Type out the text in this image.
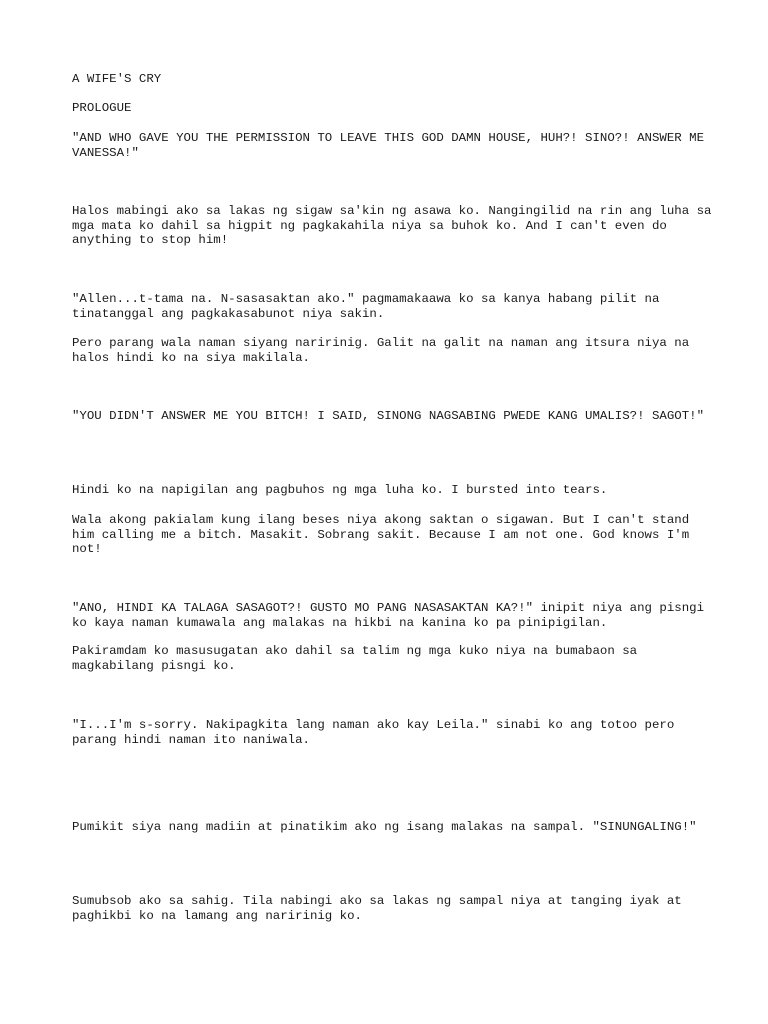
A WIFE'S CRY

PROLOGUE

"AND WHO GAVE YOU THE PERMISSION TO LEAVE THIS GOD DAMN HOUSE, HUH?! SINO?! ANSWER ME VANESSA!"

Halos mabingi ako sa lakas ng sigaw sa'kin ng asawa ko. Nangingilid na rin ang luha sa mga mata ko dahil sa higpit ng pagkakahila niya sa buhok ko. And I can't even do anything to stop him!

"Allen...t-tama na. N-sasasaktan ako." pagmamakaawa ko sa kanya habang pilit na tinatanggal ang pagkakasabunot niya sakin.

Pero parang wala naman siyang naririnig. Galit na galit na naman ang itsura niya na halos hindi ko na siya makilala.

"YOU DIDN'T ANSWER ME YOU BITCH! I SAID, SINONG NAGSABING PWEDE KANG UMALIS?! SAGOT!"

Hindi ko na napigilan ang pagbuhos ng mga luha ko. I bursted into tears.

Wala akong pakialam kung ilang beses niya akong saktan o sigawan. But I can't stand him calling me a bitch. Masakit. Sobrang sakit. Because I am not one. God knows I'm not!

"ANO, HINDI KA TALAGA SASAGOT?! GUSTO MO PANG NASASAKTAN KA?!" inipit niya ang pisngi ko kaya naman kumawala ang malakas na hikbi na kanina ko pa pinipigilan.

Pakiramdam ko masusugatan ako dahil sa talim ng mga kuko niya na bumabaon sa magkabilang pisngi ko.

"I...I'm s-sorry. Nakipagkita lang naman ako kay Leila." sinabi ko ang totoo pero parang hindi naman ito naniwala.

Pumikit siya nang madiin at pinatikim ako ng isang malakas na sampal. "SINUNGALING!"

Sumubsob ako sa sahig. Tila nabingi ako sa lakas ng sampal niya at tanging iyak at paghikbi ko na lamang ang naririnig ko.
